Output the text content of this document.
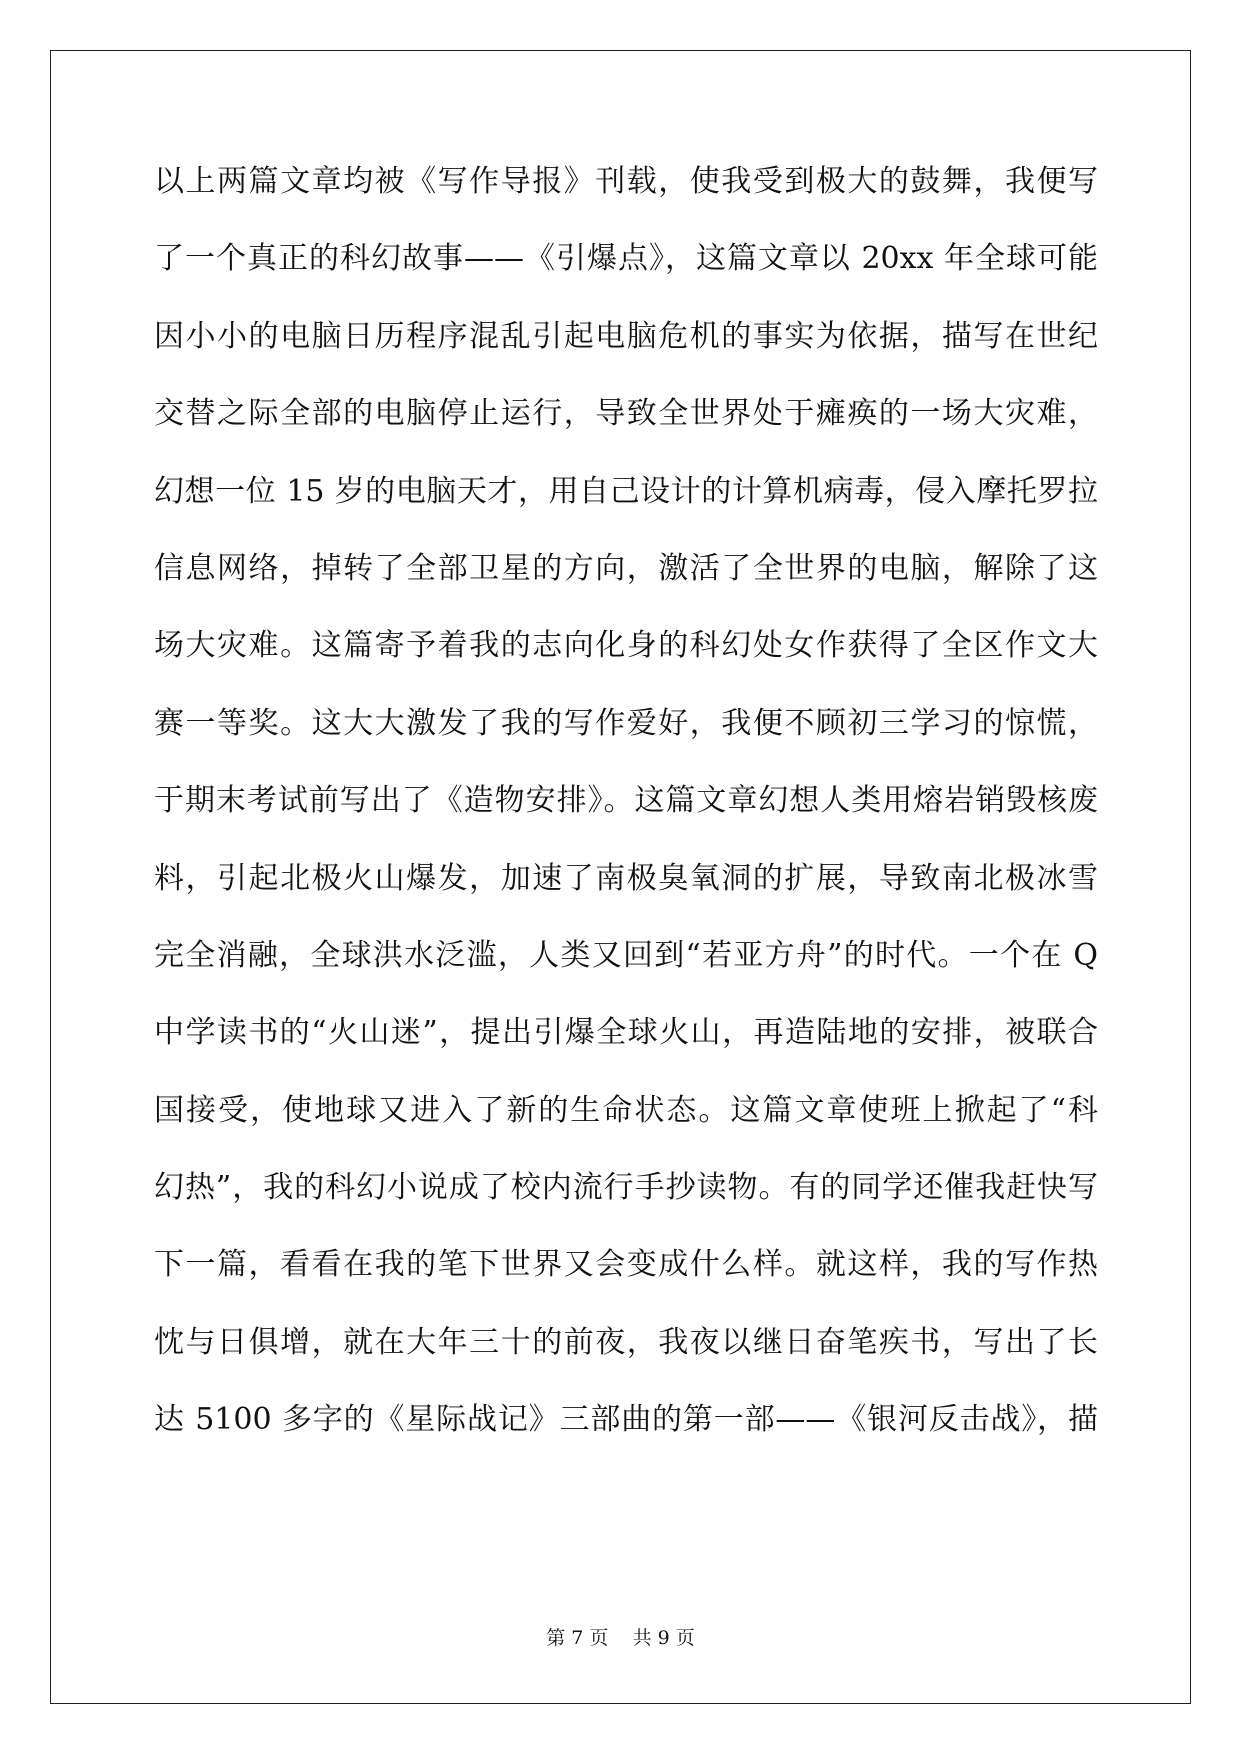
以上两篇文章均被《写作导报》刊载，使我受到极大的鼓舞，我便写
了一个真正的科幻故事——《引爆点》，这篇文章以 20xx 年全球可能
因小小的电脑日历程序混乱引起电脑危机的事实为依据，描写在世纪
交替之际全部的电脑停止运行，导致全世界处于瘫痪的一场大灾难，
幻想一位 15 岁的电脑天才，用自己设计的计算机病毒，侵入摩托罗拉
信息网络，掉转了全部卫星的方向，激活了全世界的电脑，解除了这
场大灾难。这篇寄予着我的志向化身的科幻处女作获得了全区作文大
赛一等奖。这大大激发了我的写作爱好，我便不顾初三学习的惊慌，
于期末考试前写出了《造物安排》。这篇文章幻想人类用熔岩销毁核废
料，引起北极火山爆发，加速了南极臭氧洞的扩展，导致南北极冰雪
完全消融，全球洪水泛滥，人类又回到“若亚方舟”的时代。一个在 Q
中学读书的“火山迷”，提出引爆全球火山，再造陆地的安排，被联合
国接受，使地球又进入了新的生命状态。这篇文章使班上掀起了“科
幻热”，我的科幻小说成了校内流行手抄读物。有的同学还催我赶快写
下一篇，看看在我的笔下世界又会变成什么样。就这样，我的写作热
忱与日俱增，就在大年三十的前夜，我夜以继日奋笔疾书，写出了长
达 5100 多字的《星际战记》三部曲的第一部——《银河反击战》，描
第 7 页    共 9 页
